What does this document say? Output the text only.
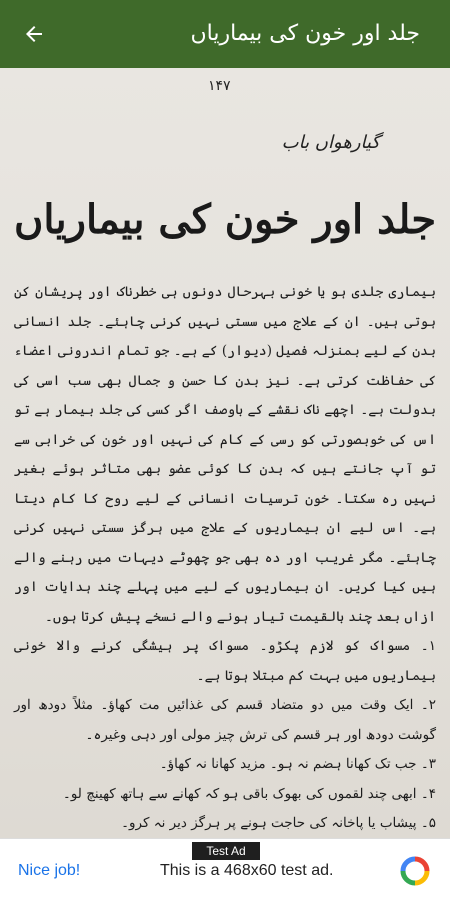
جلد اور خون کی بیماریاں
۱۴۷
گیارھواں باب
جلد اور خون کی بیماریاں

بیماری جلدی ہو یا خونی بہرحال دونوں ہی خطرناک اور پریشان کن ہوتی ہیں۔ ان کے علاج میں سستی نہیں کرنی چاہئے۔ جلد انسانی بدن کے لیے بمنزلہ فصیل (دیوار) کے ہے۔ جو تمام اندرونی اعضاء کی حفاظت کرتی ہے۔ نیز بدن کا حسن و جمال بھی سب اسی کی بدولت ہے۔ اچھے ناک نقشے کے باوصف اگر کسی کی جلد بیمار ہے تو اس کی خوبصورتی کو رسی کے کام کی نہیں اور خون کی خرابی سے تو آپ جانتے ہیں کہ بدن کا کوئی عضو بھی متاثر ہوئے بغیر نہیں رہ سکتا۔ خون ترسیات انسانی کے لیے روح کا کام دیتا ہے۔ اس لیے ان بیماریوں کے علاج میں ہرگز سستی نہیں کرنی چاہئے۔ مگر غریب اور دہ بھی جو چھوٹے دیہات میں رہنے والے ہیں کیا کریں۔ ان بیماریوں کے لیے میں پہلے چند ہدایات اور ازاں بعد چند بالقیمت تیار ہونے والے نسخے پیش کرتا ہوں۔

۱۔ مسواک کو لازم پکڑو۔ مسواک پر ہیشگی کرنے والا خونی بیماریوں میں بہت کم مبتلا ہوتا ہے۔

۲۔ ایک وقت میں دو متضاد قسم کی غذائیں مت کھاؤ۔ مثلاً دودھ اور گوشت دودھ اور ہر قسم کی ترش چیز مولی اور دہی وغیرہ۔

۳۔ جب تک کھانا ہضم نہ ہو۔ مزید کھانا نہ کھاؤ۔

۴۔ ابھی چند لقموں کی بھوک باقی ہو کہ کھانے سے ہاتھ کھینچ لو۔

۵۔ پیشاب یا پاخانہ کی حاجت ہونے پر ہرگز دیر نہ کرو۔

Test Ad
Nice job!	This is a 468x60 test ad.
